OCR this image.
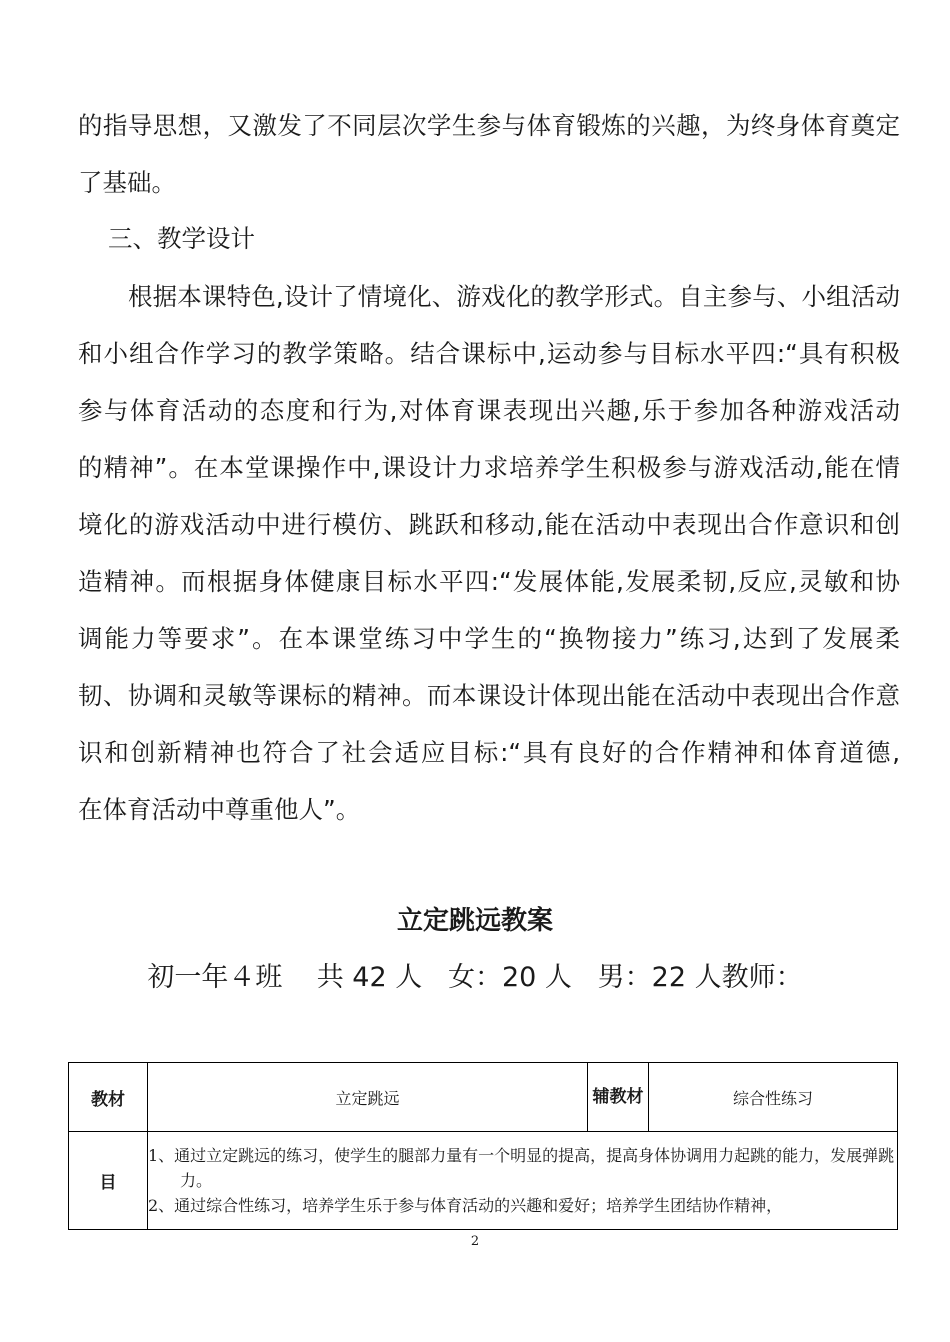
的指导思想，又激发了不同层次学生参与体育锻炼的兴趣，为终身体育奠定
了基础。
三、教学设计
根据本课特色,设计了情境化、游戏化的教学形式。自主参与、小组活动
和小组合作学习的教学策略。结合课标中,运动参与目标水平四:“具有积极
参与体育活动的态度和行为,对体育课表现出兴趣,乐于参加各种游戏活动
的精神”。在本堂课操作中,课设计力求培养学生积极参与游戏活动,能在情
境化的游戏活动中进行模仿、跳跃和移动,能在活动中表现出合作意识和创
造精神。而根据身体健康目标水平四:“发展体能,发展柔韧,反应,灵敏和协
调能力等要求”。在本课堂练习中学生的“换物接力”练习,达到了发展柔
韧、协调和灵敏等课标的精神。而本课设计体现出能在活动中表现出合作意
识和创新精神也符合了社会适应目标:“具有良好的合作精神和体育道德,
在体育活动中尊重他人”。
立定跳远教案
初一年４班    共 42 人   女：20 人   男：22 人教师：
教材	立定跳远	辅教材	综合性练习
目	1、通过立定跳远的练习，使学生的腿部力量有一个明显的提高，提高身体协调用力起跳的能力，发展弹跳力。
2、通过综合性练习，培养学生乐于参与体育活动的兴趣和爱好；培养学生团结协作精神，		
2
